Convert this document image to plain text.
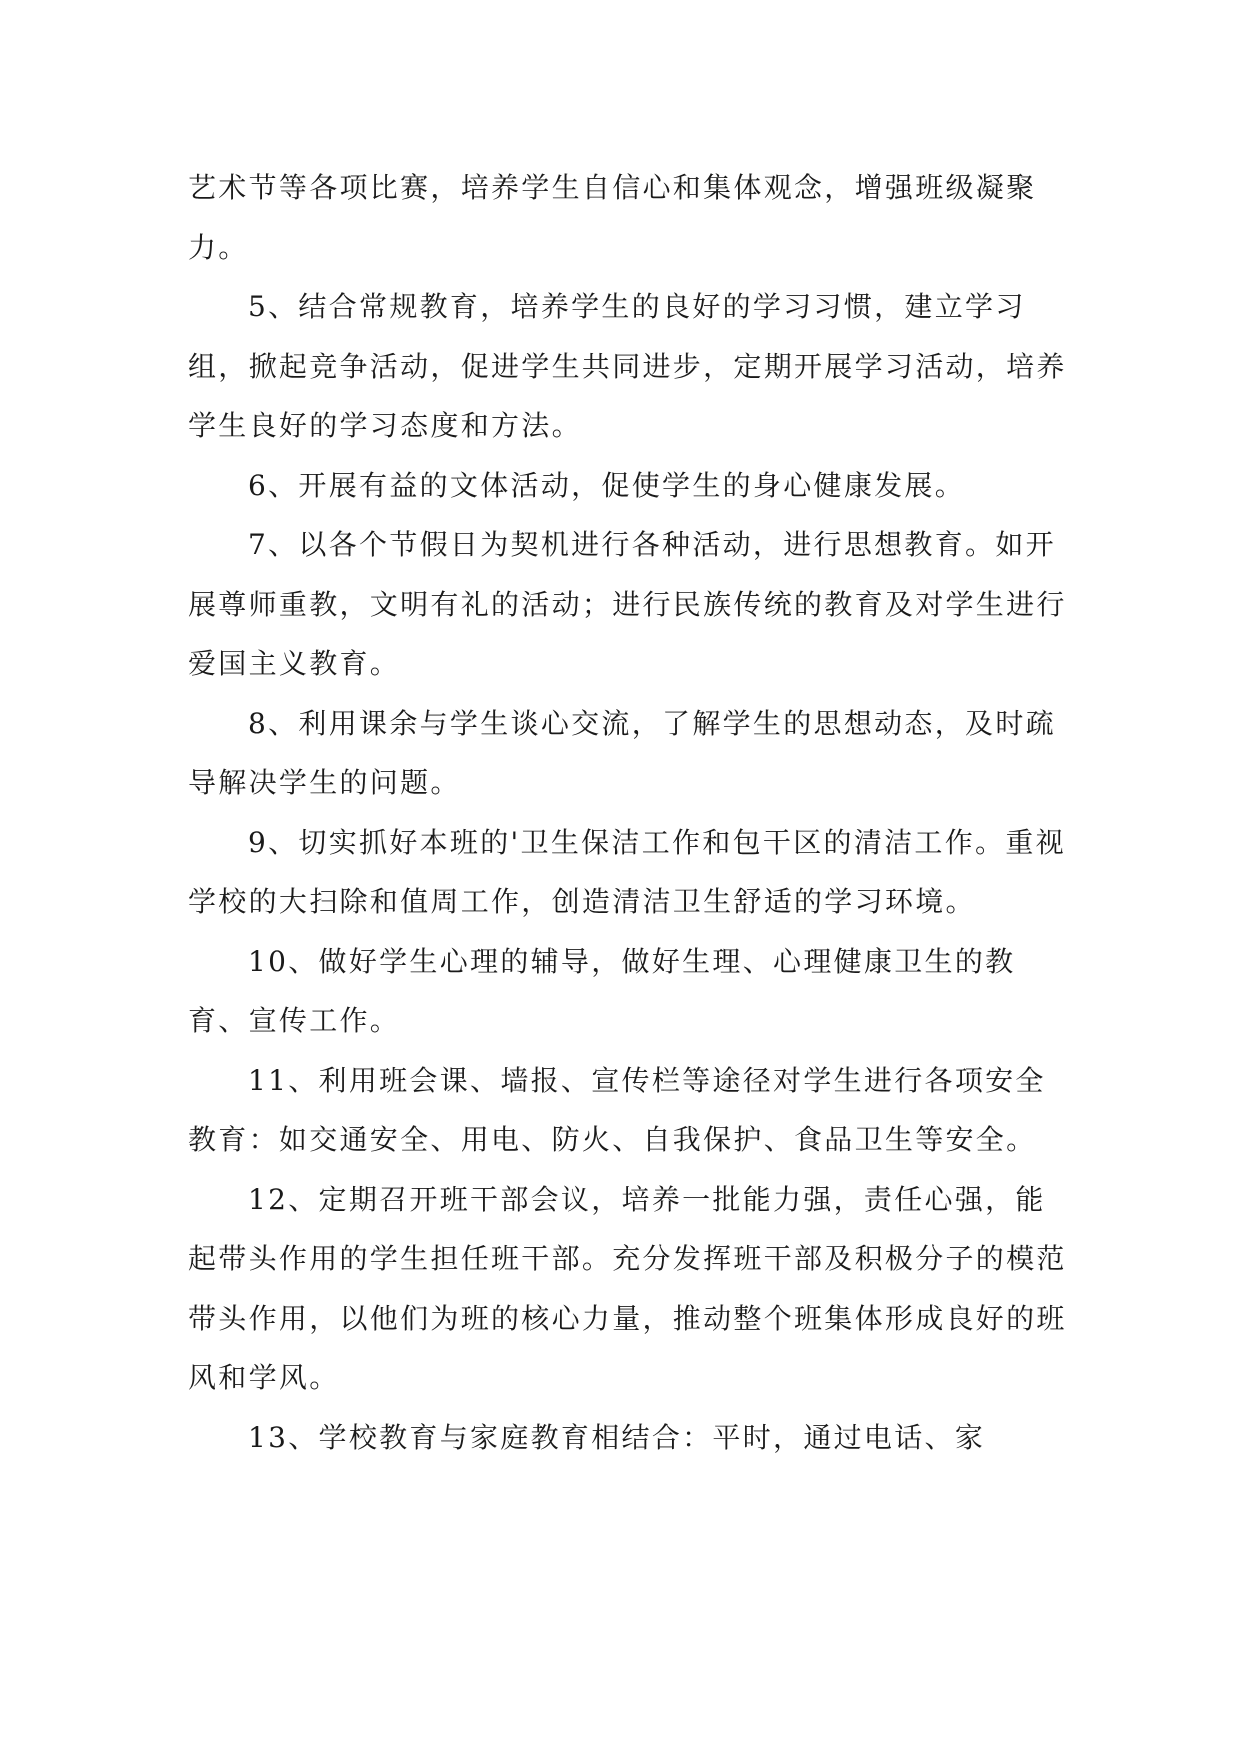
艺术节等各项比赛，培养学生自信心和集体观念，增强班级凝聚力。

5、结合常规教育，培养学生的良好的学习习惯，建立学习组，掀起竞争活动，促进学生共同进步，定期开展学习活动，培养学生良好的学习态度和方法。

6、开展有益的文体活动，促使学生的身心健康发展。

7、以各个节假日为契机进行各种活动，进行思想教育。如开展尊师重教，文明有礼的活动；进行民族传统的教育及对学生进行爱国主义教育。

8、利用课余与学生谈心交流，了解学生的思想动态，及时疏导解决学生的问题。

9、切实抓好本班的'卫生保洁工作和包干区的清洁工作。重视学校的大扫除和值周工作，创造清洁卫生舒适的学习环境。

10、做好学生心理的辅导，做好生理、心理健康卫生的教育、宣传工作。

11、利用班会课、墙报、宣传栏等途径对学生进行各项安全教育：如交通安全、用电、防火、自我保护、食品卫生等安全。

12、定期召开班干部会议，培养一批能力强，责任心强，能起带头作用的学生担任班干部。充分发挥班干部及积极分子的模范带头作用，以他们为班的核心力量，推动整个班集体形成良好的班风和学风。

13、学校教育与家庭教育相结合：平时，通过电话、家
